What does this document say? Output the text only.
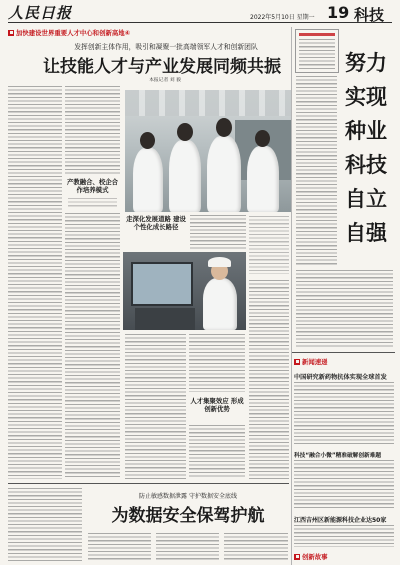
人民日报	2022年5月10日 星期一 19 科技
加快建设世界重要人才中心和创新高地④
发挥创新主体作用，吸引和凝聚一批高端领军人才和创新团队
让技能人才与产业发展同频共振
本报记者 刘 毅
产教融合、校企合作培养模式
走深化发展道路 建设个性化成长路径
人才集聚效应 形成创新优势
努力实现种业科技自立自强
新闻速递
中国研究新药物抗体实现全球首发
科技“融合小微”精准破解创新难题
江西吉州区新能源科技企业达50家
创新故事
防止敏感数据泄露 守护数据安全底线
为数据安全保驾护航
